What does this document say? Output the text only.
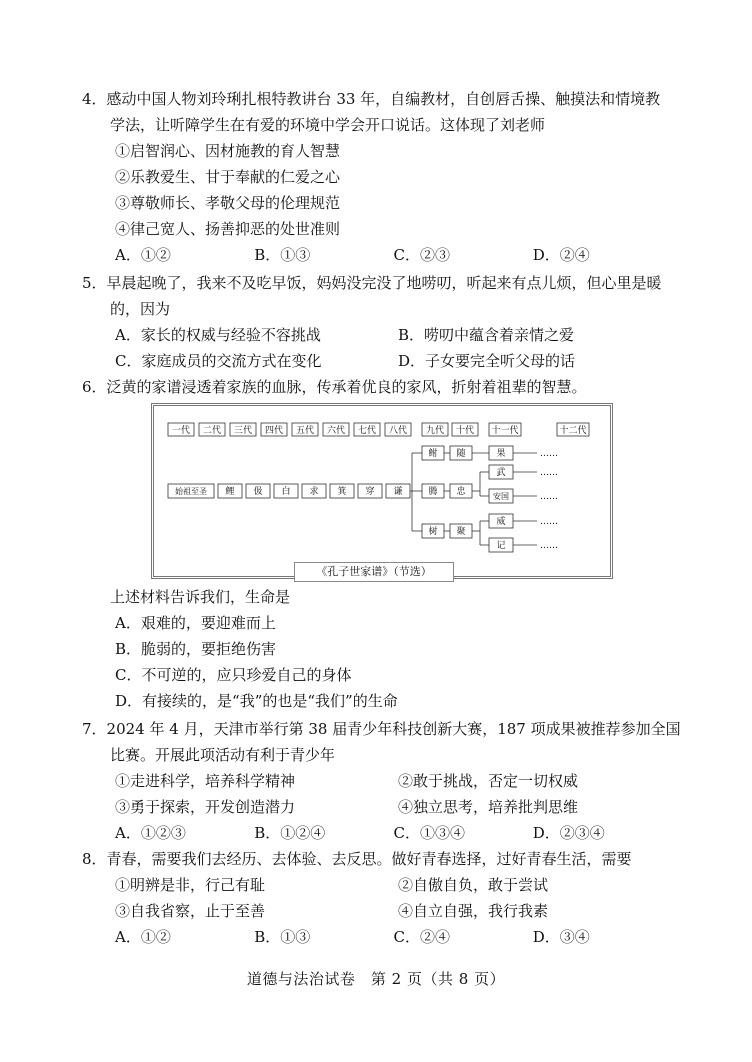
4．感动中国人物刘玲琍扎根特教讲台 33 年，自编教材，自创唇舌操、触摸法和情境教
学法，让听障学生在有爱的环境中学会开口说话。这体现了刘老师
①启智润心、因材施教的育人智慧
②乐教爱生、甘于奉献的仁爱之心
③尊敬师长、孝敬父母的伦理规范
④律己宽人、扬善抑恶的处世准则
A．①②	B．①③	C．②③	D．②④
5．早晨起晚了，我来不及吃早饭，妈妈没完没了地唠叨，听起来有点儿烦，但心里是暖
的，因为
A．家长的权威与经验不容挑战	B．唠叨中蕴含着亲情之爱
C．家庭成员的交流方式在变化	D．子女要完全听父母的话
6．泛黄的家谱浸透着家族的血脉，传承着优良的家风，折射着祖辈的智慧。
一代 二代 三代 四代 五代 六代 七代 八代 九代 十代 十一代	十二代
始祖至圣 鲤 伋 白 求 箕 穿 谦
鲋
腾
树
随
忠
聚
果
武
安国
威
记
……
……
……
……
……
《孔子世家谱》（节选）
上述材料告诉我们，生命是
A．艰难的，要迎难而上
B．脆弱的，要拒绝伤害
C．不可逆的，应只珍爱自己的身体
D．有接续的，是“我”的也是“我们”的生命
7．2024 年 4 月，天津市举行第 38 届青少年科技创新大赛，187 项成果被推荐参加全国
比赛。开展此项活动有利于青少年
①走进科学，培养科学精神	②敢于挑战，否定一切权威
③勇于探索，开发创造潜力	④独立思考，培养批判思维
A．①②③	B．①②④	C．①③④	D．②③④
8．青春，需要我们去经历、去体验、去反思。做好青春选择，过好青春生活，需要
①明辨是非，行己有耻	②自傲自负，敢于尝试
③自我省察，止于至善	④自立自强，我行我素
A．①②	B．①③	C．②④	D．③④
道德与法治试卷　第 2 页（共 8 页）
